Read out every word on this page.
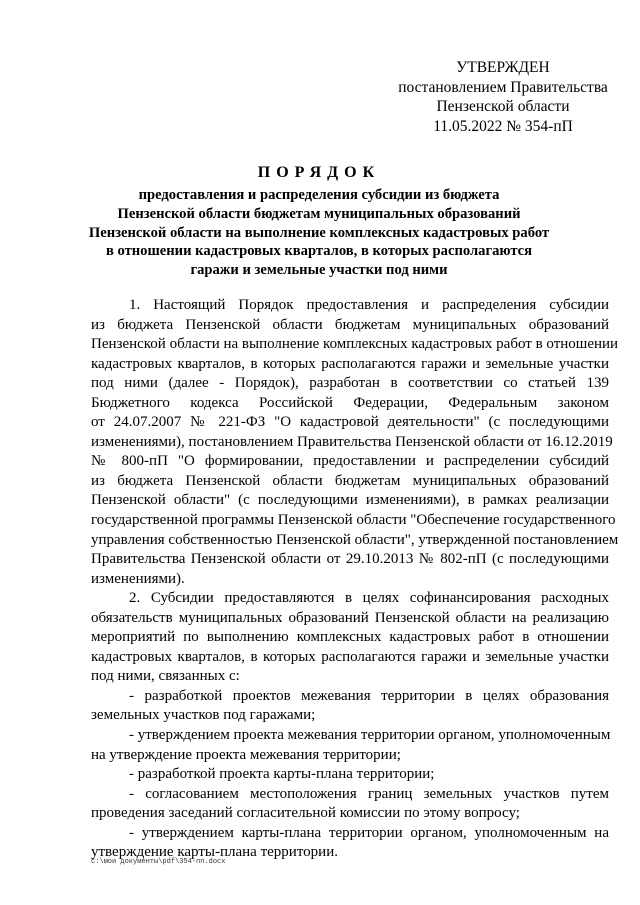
УТВЕРЖДЕН
постановлением Правительства
Пензенской области
11.05.2022 № 354-пП
ПОРЯДОК
предоставления и распределения субсидии из бюджета
Пензенской области бюджетам муниципальных образований
Пензенской области на выполнение комплексных кадастровых работ
в отношении кадастровых кварталов, в которых располагаются
гаражи и земельные участки под ними
1. Настоящий Порядок предоставления и распределения субсидии
из бюджета Пензенской области бюджетам муниципальных образований
Пензенской области на выполнение комплексных кадастровых работ в отношении
кадастровых кварталов, в которых располагаются гаражи и земельные участки
под ними (далее - Порядок), разработан в соответствии со статьей 139
Бюджетного кодекса Российской Федерации, Федеральным законом
от 24.07.2007 № 221-ФЗ "О кадастровой деятельности" (с последующими
изменениями), постановлением Правительства Пензенской области от 16.12.2019
№ 800-пП "О формировании, предоставлении и распределении субсидий
из бюджета Пензенской области бюджетам муниципальных образований
Пензенской области" (с последующими изменениями), в рамках реализации
государственной программы Пензенской области "Обеспечение государственного
управления собственностью Пензенской области", утвержденной постановлением
Правительства Пензенской области от 29.10.2013 № 802-пП (с последующими
изменениями).
2. Субсидии предоставляются в целях софинансирования расходных
обязательств муниципальных образований Пензенской области на реализацию
мероприятий по выполнению комплексных кадастровых работ в отношении
кадастровых кварталов, в которых располагаются гаражи и земельные участки
под ними, связанных с:
- разработкой проектов межевания территории в целях образования
земельных участков под гаражами;
- утверждением проекта межевания территории органом, уполномоченным
на утверждение проекта межевания территории;
- разработкой проекта карты-плана территории;
- согласованием местоположения границ земельных участков путем
проведения заседаний согласительной комиссии по этому вопросу;
- утверждением карты-плана территории органом, уполномоченным на
утверждение карты-плана территории.
c:\мои документы\pdf\354-пп.docx
